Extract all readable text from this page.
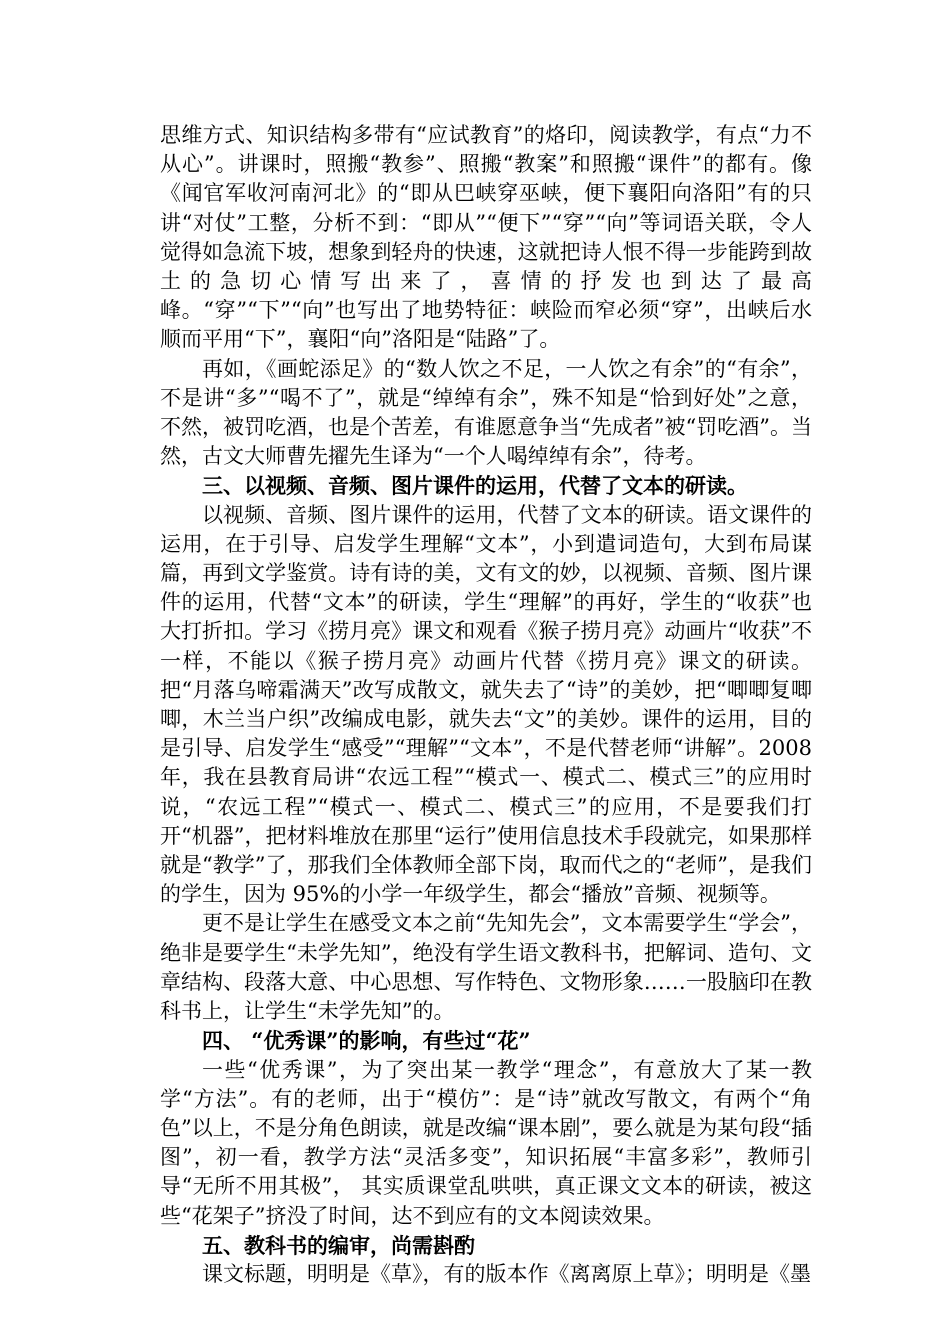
思维方式、知识结构多带有“应试教育”的烙印，阅读教学，有点“力不从心”。讲课时，照搬“教参”、照搬“教案”和照搬“课件”的都有。像《闻官军收河南河北》的“即从巴峡穿巫峡，便下襄阳向洛阳”有的只讲“对仗”工整，分析不到：“即从”“便下”“穿”“向”等词语关联，令人觉得如急流下坡，想象到轻舟的快速，这就把诗人恨不得一步能跨到故土的急切心情写出来了，喜情的抒发也到达了最高峰。“穿”“下”“向”也写出了地势特征：峡险而窄必须“穿”，出峡后水顺而平用“下”，襄阳“向”洛阳是“陆路”了。

再如，《画蛇添足》的“数人饮之不足，一人饮之有余”的“有余”，不是讲“多”“喝不了”，就是“绰绰有余”，殊不知是“恰到好处”之意，不然，被罚吃酒，也是个苦差，有谁愿意争当“先成者”被“罚吃酒”。当然，古文大师曹先擢先生译为“一个人喝绰绰有余”，待考。

三、以视频、音频、图片课件的运用，代替了文本的研读。

以视频、音频、图片课件的运用，代替了文本的研读。语文课件的运用，在于引导、启发学生理解“文本”，小到遣词造句，大到布局谋篇，再到文学鉴赏。诗有诗的美，文有文的妙，以视频、音频、图片课件的运用，代替“文本”的研读，学生“理解”的再好，学生的“收获”也大打折扣。学习《捞月亮》课文和观看《猴子捞月亮》动画片“收获”不一样，不能以《猴子捞月亮》动画片代替《捞月亮》课文的研读。把“月落乌啼霜满天”改写成散文，就失去了“诗”的美妙，把“唧唧复唧唧，木兰当户织”改编成电影，就失去“文”的美妙。课件的运用，目的是引导、启发学生“感受”“理解”“文本”，不是代替老师“讲解”。2008 年，我在县教育局讲“农远工程”“模式一、模式二、模式三”的应用时说，“农远工程”“模式一、模式二、模式三”的应用，不是要我们打开“机器”，把材料堆放在那里“运行”使用信息技术手段就完，如果那样就是“教学”了，那我们全体教师全部下岗，取而代之的“老师”，是我们的学生，因为 95%的小学一年级学生，都会“播放”音频、视频等。

更不是让学生在感受文本之前“先知先会”，文本需要学生“学会”，绝非是要学生“未学先知”，绝没有学生语文教科书，把解词、造句、文章结构、段落大意、中心思想、写作特色、文物形象……一股脑印在教科书上，让学生“未学先知”的。

四、 “优秀课”的影响，有些过“花”

一些“优秀课”，为了突出某一教学“理念”，有意放大了某一教学“方法”。有的老师，出于“模仿”：是“诗”就改写散文，有两个“角色”以上，不是分角色朗读，就是改编“课本剧”，要么就是为某句段“插图”，初一看，教学方法“灵活多变”，知识拓展“丰富多彩”，教师引导“无所不用其极”， 其实质课堂乱哄哄，真正课文文本的研读，被这些“花架子”挤没了时间，达不到应有的文本阅读效果。

五、教科书的编审，尚需斟酌

课文标题，明明是《草》，有的版本作《离离原上草》；明明是《墨
